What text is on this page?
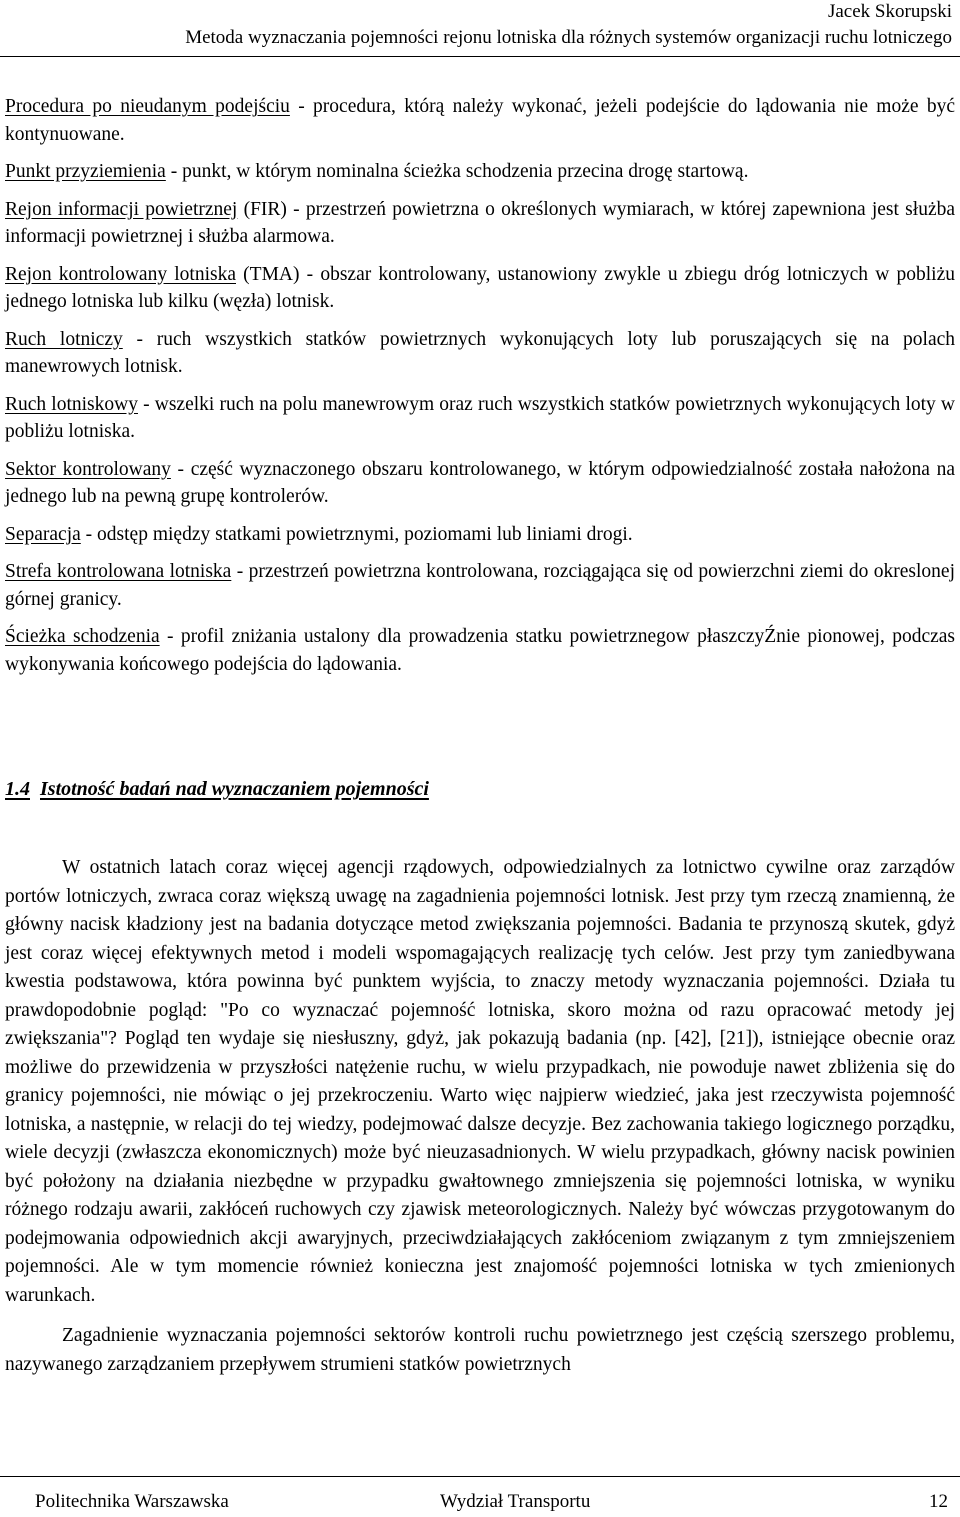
Jacek Skorupski
Metoda wyznaczania pojemności rejonu lotniska dla różnych systemów organizacji ruchu lotniczego

Procedura po nieudanym podejściu - procedura, którą należy wykonać, jeżeli podejście do lądowania nie może być kontynuowane.

Punkt przyziemienia - punkt, w którym nominalna ścieżka schodzenia przecina drogę startową.

Rejon informacji powietrznej (FIR) - przestrzeń powietrzna o określonych wymiarach, w której zapewniona jest służba informacji powietrznej i służba alarmowa.

Rejon kontrolowany lotniska (TMA) - obszar kontrolowany, ustanowiony zwykle u zbiegu dróg lotniczych w pobliżu jednego lotniska lub kilku (węzła) lotnisk.

Ruch lotniczy - ruch wszystkich statków powietrznych wykonujących loty lub poruszających się na polach manewrowych lotnisk.

Ruch lotniskowy - wszelki ruch na polu manewrowym oraz ruch wszystkich statków powietrznych wykonujących loty w pobliżu lotniska.

Sektor kontrolowany - część wyznaczonego obszaru kontrolowanego, w którym odpowiedzialność została nałożona na jednego lub na pewną grupę kontrolerów.

Separacja - odstęp między statkami powietrznymi, poziomami lub liniami drogi.

Strefa kontrolowana lotniska - przestrzeń powietrzna kontrolowana, rozciągająca się od powierzchni ziemi do okreslonej górnej granicy.

Ścieżka schodzenia - profil zniżania ustalony dla prowadzenia statku powietrznegow płaszczyŹnie pionowej, podczas wykonywania końcowego podejścia do lądowania.

1.4 Istotność badań nad wyznaczaniem pojemności

W ostatnich latach coraz więcej agencji rządowych, odpowiedzialnych za lotnictwo cywilne oraz zarządów portów lotniczych, zwraca coraz większą uwagę na zagadnienia pojemności lotnisk. Jest przy tym rzeczą znamienną, że główny nacisk kładziony jest na badania dotyczące metod zwiększania pojemności. Badania te przynoszą skutek, gdyż jest coraz więcej efektywnych metod i modeli wspomagających realizację tych celów. Jest przy tym zaniedbywana kwestia podstawowa, która powinna być punktem wyjścia, to znaczy metody wyznaczania pojemności. Działa tu prawdopodobnie pogląd: "Po co wyznaczać pojemność lotniska, skoro można od razu opracować metody jej zwiększania"? Pogląd ten wydaje się niesłuszny, gdyż, jak pokazują badania (np. [42], [21]), istniejące obecnie oraz możliwe do przewidzenia w przyszłości natężenie ruchu, w wielu przypadkach, nie powoduje nawet zbliżenia się do granicy pojemności, nie mówiąc o jej przekroczeniu. Warto więc najpierw wiedzieć, jaka jest rzeczywista pojemność lotniska, a następnie, w relacji do tej wiedzy, podejmować dalsze decyzje. Bez zachowania takiego logicznego porządku, wiele decyzji (zwłaszcza ekonomicznych) może być nieuzasadnionych. W wielu przypadkach, główny nacisk powinien być położony na działania niezbędne w przypadku gwałtownego zmniejszenia się pojemności lotniska, w wyniku różnego rodzaju awarii, zakłóceń ruchowych czy zjawisk meteorologicznych. Należy być wówczas przygotowanym do podejmowania odpowiednich akcji awaryjnych, przeciwdziałających zakłóceniom związanym z tym zmniejszeniem pojemności. Ale w tym momencie również konieczna jest znajomość pojemności lotniska w tych zmienionych warunkach.

Zagadnienie wyznaczania pojemności sektorów kontroli ruchu powietrznego jest częścią szerszego problemu, nazywanego zarządzaniem przepływem strumieni statków powietrznych

Politechnika Warszawska	Wydział Transportu	12
